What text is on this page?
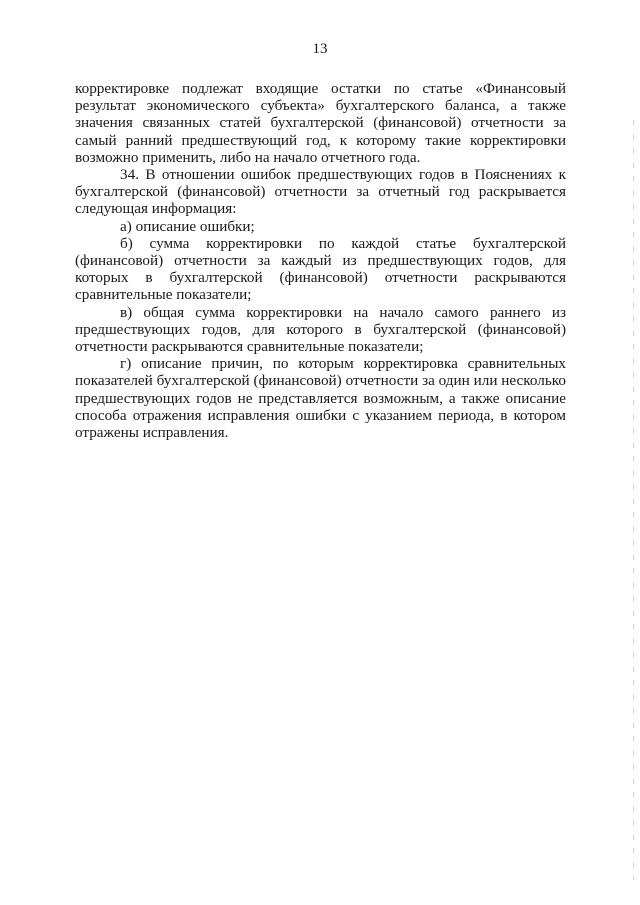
13

корректировке подлежат входящие остатки по статье «Финансовый результат экономического субъекта» бухгалтерского баланса, а также значения связанных статей бухгалтерской (финансовой) отчетности за самый ранний предшествующий год, к которому такие корректировки возможно применить, либо на начало отчетного года.

34. В отношении ошибок предшествующих годов в Пояснениях к бухгалтерской (финансовой) отчетности за отчетный год раскрывается следующая информация:

а) описание ошибки;

б) сумма корректировки по каждой статье бухгалтерской (финансовой) отчетности за каждый из предшествующих годов, для которых в бухгалтерской (финансовой) отчетности раскрываются сравнительные показатели;

в) общая сумма корректировки на начало самого раннего из предшествующих годов, для которого в бухгалтерской (финансовой) отчетности раскрываются сравнительные показатели;

г) описание причин, по которым корректировка сравнительных показателей бухгалтерской (финансовой) отчетности за один или несколько предшествующих годов не представляется возможным, а также описание способа отражения исправления ошибки с указанием периода, в котором отражены исправления.
